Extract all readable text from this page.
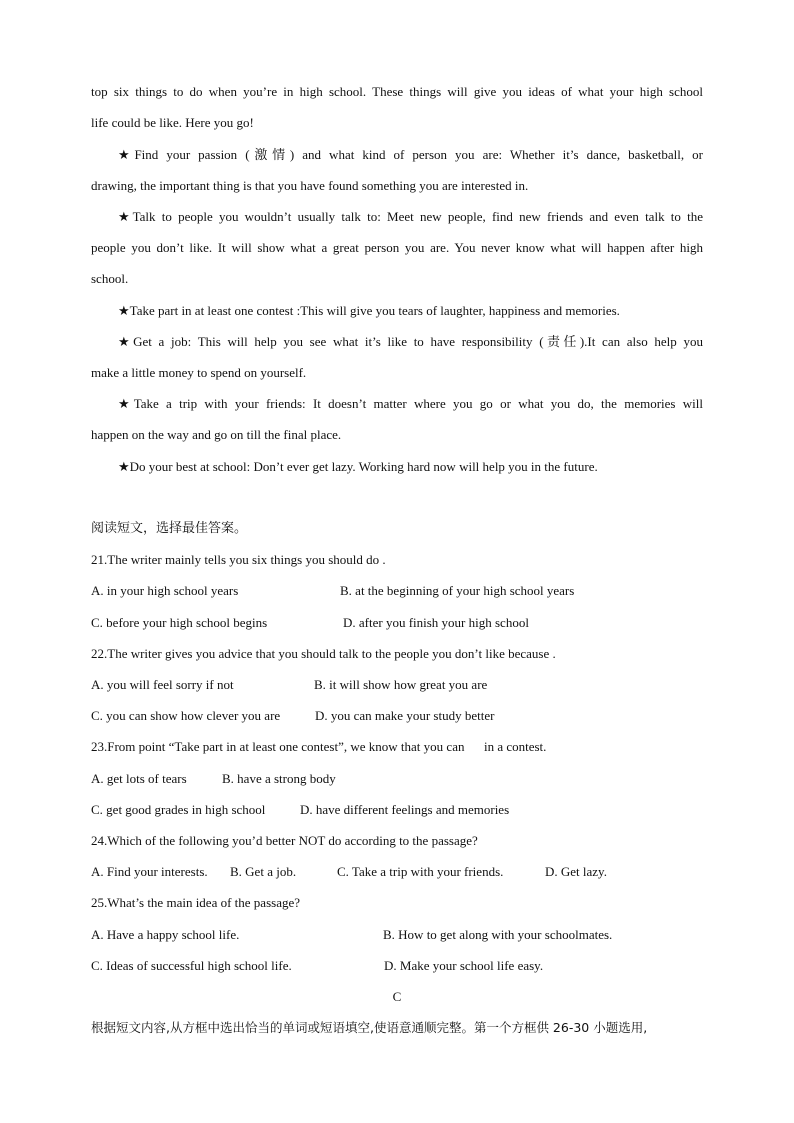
top six things to do when you’re in high school. These things will give you ideas of what your high school
life could be like. Here you go!
★Find your passion (激情) and what kind of person you are: Whether it’s dance, basketball, or
drawing, the important thing is that you have found something you are interested in.
★Talk to people you wouldn’t usually talk to: Meet new people, find new friends and even talk to the
people you don’t like. It will show what a great person you are. You never know what will happen after high
school.
★Take part in at least one contest :This will give you tears of laughter, happiness and memories.
★Get a job: This will help you see what it’s like to have responsibility (责任).It can also help you
make a little money to spend on yourself.
★Take a trip with your friends: It doesn’t matter where you go or what you do, the memories will
happen on the way and go on till the final place.
★Do your best at school: Don’t ever get lazy. Working hard now will help you in the future.
阅读短文，选择最佳答案。
21.The writer mainly tells you six things you should do .
A. in your high school years	B. at the beginning of your high school years
C. before your high school begins	D. after you finish your high school
22.The writer gives you advice that you should talk to the people you don’t like because .
A. you will feel sorry if not	B. it will show how great you are
C. you can show how clever you are	D. you can make your study better
23.From point “Take part in at least one contest”, we know that you can      in a contest.
A. get lots of tears	B. have a strong body
C. get good grades in high school	D. have different feelings and memories
24.Which of the following you’d better NOT do according to the passage?
A. Find your interests. B. Get a job.	C. Take a trip with your friends.	D. Get lazy.
25.What’s the main idea of the passage?
A. Have a happy school life.	B. How to get along with your schoolmates.
C. Ideas of successful high school life.	D. Make your school life easy.
C
根据短文内容,从方框中选出恰当的单词或短语填空,使语意通顺完整。第一个方框供 26-30 小题选用,
